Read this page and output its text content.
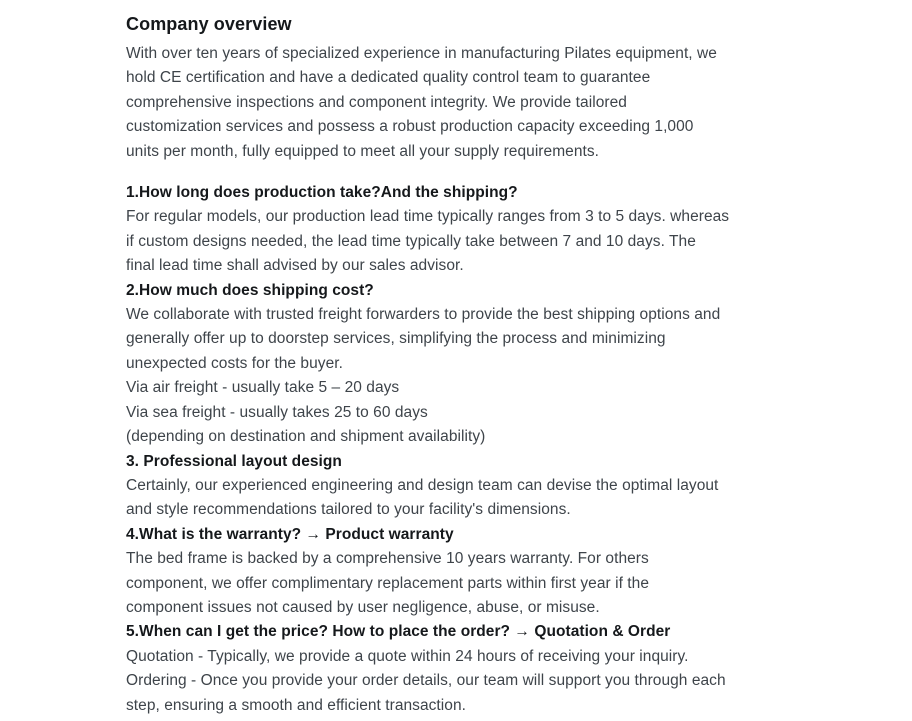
Company overview
With over ten years of specialized experience in manufacturing Pilates equipment, we
hold CE certification and have a dedicated quality control team to guarantee
comprehensive inspections and component integrity. We provide tailored
customization services and possess a robust production capacity exceeding 1,000
units per month, fully equipped to meet all your supply requirements.
1.How long does production take?And the shipping?
For regular models, our production lead time typically ranges from 3 to 5 days. whereas
if custom designs needed, the lead time typically take between 7 and 10 days. The
final lead time shall advised by our sales advisor.
2.How much does shipping cost?
We collaborate with trusted freight forwarders to provide the best shipping options and
generally offer up to doorstep services, simplifying the process and minimizing
unexpected costs for the buyer.
Via air freight - usually take 5 – 20 days
Via sea freight - usually takes 25 to 60 days
(depending on destination and shipment availability)
3. Professional layout design
Certainly, our experienced engineering and design team can devise the optimal layout
and style recommendations tailored to your facility's dimensions.
4.What is the warranty? → Product warranty
The bed frame is backed by a comprehensive 10 years warranty. For others
component, we offer complimentary replacement parts within first year if the
component issues not caused by user negligence, abuse, or misuse.
5.When can I get the price? How to place the order? → Quotation & Order
Quotation - Typically, we provide a quote within 24 hours of receiving your inquiry.
Ordering - Once you provide your order details, our team will support you through each
step, ensuring a smooth and efficient transaction.
